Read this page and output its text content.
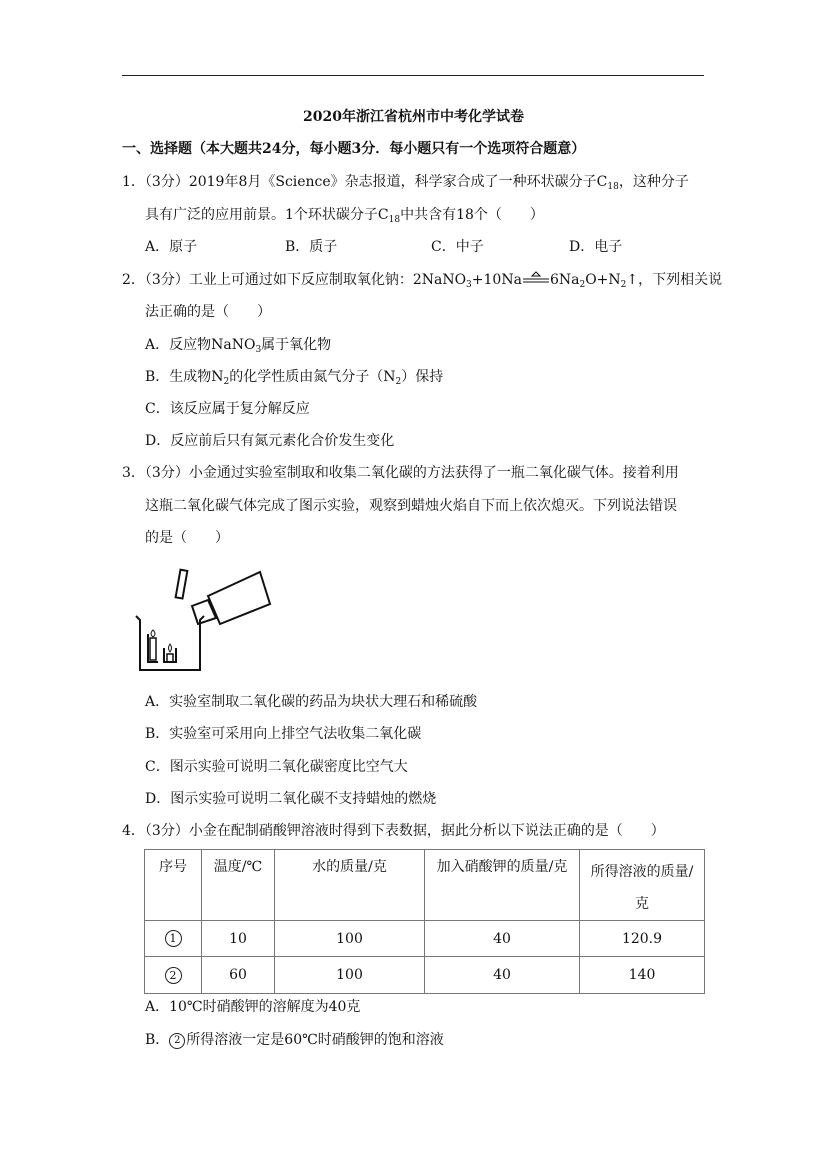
2020年浙江省杭州市中考化学试卷
一、选择题（本大题共24分，每小题3分．每小题只有一个选项符合题意）
1．（3分）2019年8月《Science》杂志报道，科学家合成了一种环状碳分子$C_{18}$，这种分子
具有广泛的应用前景。1个环状碳分子$C_{18}$中共含有18个（　　）
A．原子	B．质子	C．中子	D．电子
2．（3分）工业上可通过如下反应制取氧化钠：2NaNO$_3$+10Na $6Na_2O+N_2↑$，下列相关说
法正确的是（　　）
A．反应物NaNO$_3$属于氧化物
B．生成物$N_2$的化学性质由氮气分子$(N_2)$保持
C．该反应属于复分解反应
D．反应前后只有氮元素化合价发生变化
3．（3分）小金通过实验室制取和收集二氧化碳的方法获得了一瓶二氧化碳气体。接着利用
这瓶二氧化碳气体完成了图示实验，观察到蜡烛火焰自下而上依次熄灭。下列说法错误
的是（　　）
A．实验室制取二氧化碳的药品为块状大理石和稀硫酸
B．实验室可采用向上排空气法收集二氧化碳
C．图示实验可说明二氧化碳密度比空气大
D．图示实验可说明二氧化碳不支持蜡烛的燃烧
4．（3分）小金在配制硝酸钾溶液时得到下表数据，据此分析以下说法正确的是（　　）
序号	温度/℃	水的质量/克	加入硝酸钾的质量/克	所得溶液的质量/
克
1	10	100	40	120.9
2	60	100	40	140
A．10℃时硝酸钾的溶解度为40克
B． 2 所得溶液一定是60℃时硝酸钾的饱和溶液
